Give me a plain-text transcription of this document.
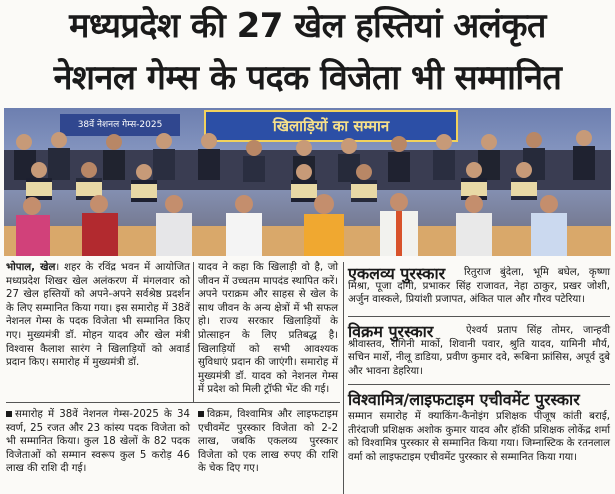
मध्यप्रदेश की 27 खेल हस्तियां अलंकृत
नेशनल गेम्स के पदक विजेता भी सम्मानित
38वें नेशनल गेम्स-2025	खिलाड़ियों का सम्मान

भोपाल, खेल। शहर के रविंद्र भवन में आयोजित मध्यप्रदेश शिखर खेल अलंकरण में मंगलवार को 27 खेल हस्तियों को अपने-अपने सर्वश्रेष्ठ प्रदर्शन के लिए सम्मानित किया गया। इस समारोह में 38वें नेशनल गेम्स के पदक विजेता भी सम्मानित किए गए। मुख्यमंत्री डॉ. मोहन यादव और खेल मंत्री विश्वास कैलाश सारंग ने खिलाड़ियों को अवार्ड प्रदान किए। समारोह में मुख्यमंत्री डॉ.

यादव ने कहा कि खिलाड़ी वो है, जो जीवन में उच्चतम मापदंड स्थापित करें। अपने पराक्रम और साहस से खेल के साथ जीवन के अन्य क्षेत्रों में भी सफल हो। राज्य सरकार खिलाड़ियों के प्रोत्साहन के लिए प्रतिबद्ध है। खिलाड़ियों को सभी आवश्यक सुविधाएं प्रदान की जाएंगी। समारोह में मुख्यमंत्री डॉ. यादव को नेशनल गेम्स में प्रदेश को मिली ट्रॉफी भेंट की गई।

समारोह में 38वें नेशनल गेम्स-2025 के 34 स्वर्ण, 25 रजत और 23 कांस्य पदक विजेता को भी सम्मानित किया। कुल 18 खेलों के 82 पदक विजेताओं को सम्मान स्वरूप कुल 5 करोड़ 46 लाख की राशि दी गई।

विक्रम, विश्वामित्र और लाइफटाइम एचीवमेंट पुरस्कार विजेता को 2-2 लाख, जबकि एकलव्य पुरस्कार विजेता को एक लाख रुपए की राशि के चेक दिए गए।

एकलव्य पुरस्कार	रितुराज बुंदेला, भूमि बघेल, कृष्णा मिश्रा, पूजा दांगी, प्रभाकर सिंह राजावत, नेहा ठाकुर, प्रखर जोशी, अर्जुन वास्कले, प्रियांशी प्रजापत, अंकित पाल और गौरव पटेरिया।
विक्रम पुरस्कार	ऐश्वर्य प्रताप सिंह तोमर, जान्हवी श्रीवास्तव, रागिनी मार्को, शिवानी पवार, श्रुति यादव, यामिनी मौर्य, सचिन मार्शे, नीलू डाडिया, प्रवीण कुमार दवे, रूबिना फ्रांसिस, अपूर्व दुबे और भावना डेहरिया।
विश्वामित्र/लाइफटाइम एचीवमेंट पुरस्कार
सम्मान समारोह में क्याकिंग-कैनोइंग प्रशिक्षक पीजूष कांती बराई, तीरंदाजी प्रशिक्षक अशोक कुमार यादव और हॉकी प्रशिक्षक लोकेंद्र शर्मा को विश्वामित्र पुरस्कार से सम्मानित किया गया। जिम्नास्टिक के रतनलाल वर्मा को लाइफटाइम एचीवमेंट पुरस्कार से सम्मानित किया गया।
